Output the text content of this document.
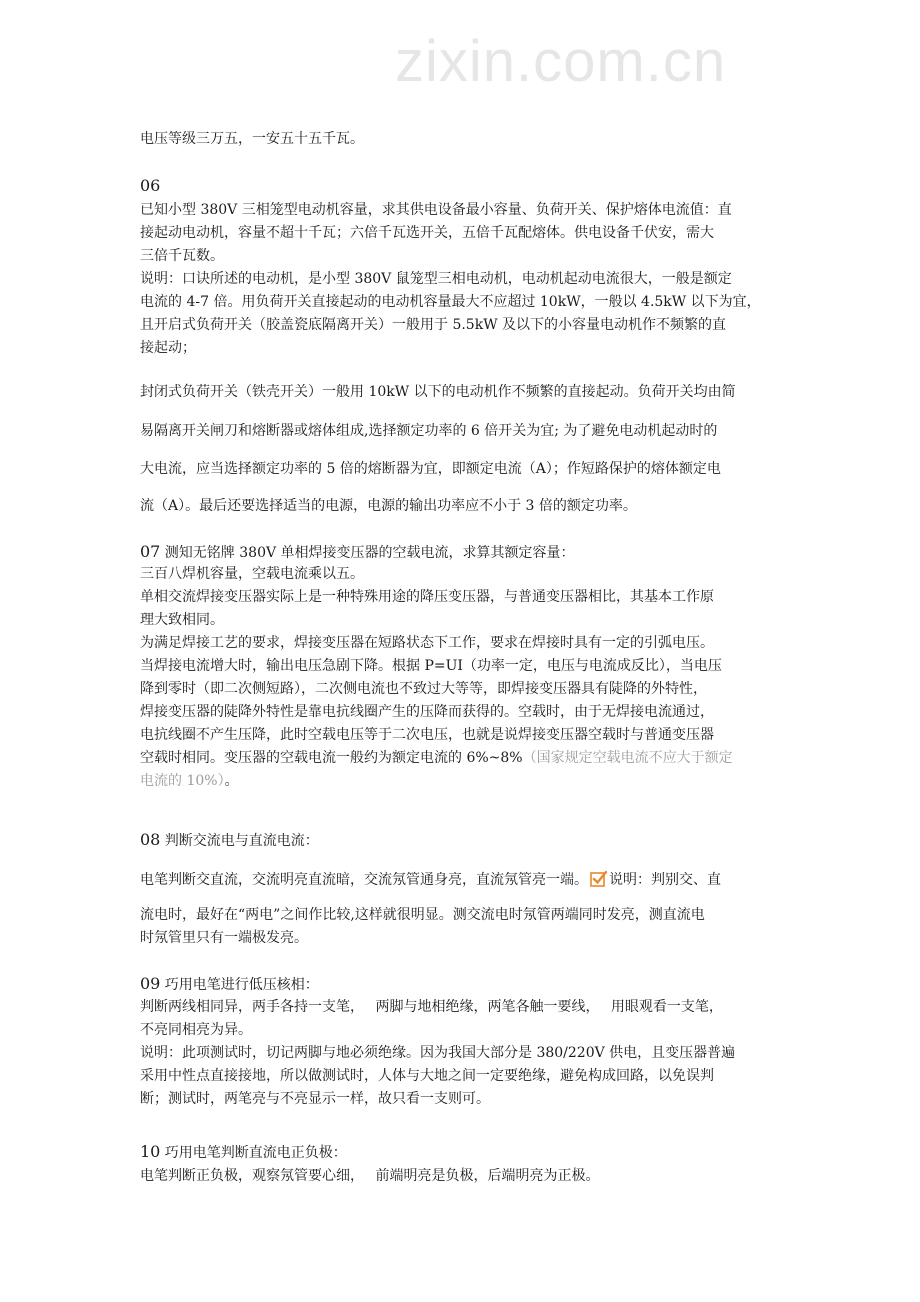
zixin.com.cn
电压等级三万五，一安五十五千瓦。
06

已知小型 380V 三相笼型电动机容量，求其供电设备最小容量、负荷开关、保护熔体电流值：直

接起动电动机，容量不超十千瓦；六倍千瓦选开关，五倍千瓦配熔体。供电设备千伏安，需大

三倍千瓦数。

说明：口诀所述的电动机，是小型 380V 鼠笼型三相电动机，电动机起动电流很大，一般是额定

电流的 4-7 倍。用负荷开关直接起动的电动机容量最大不应超过 10kW，一般以 4.5kW 以下为宜，

且开启式负荷开关（胶盖瓷底隔离开关）一般用于 5.5kW 及以下的小容量电动机作不频繁的直

接起动；

封闭式负荷开关（铁壳开关）一般用 10kW 以下的电动机作不频繁的直接起动。负荷开关均由简
易隔离开关闸刀和熔断器或熔体组成,选择额定功率的 6 倍开关为宜; 为了避免电动机起动时的
大电流，应当选择额定功率的 5 倍的熔断器为宜，即额定电流（A）；作短路保护的熔体额定电
流（A）。最后还要选择适当的电源，电源的输出功率应不小于 3 倍的额定功率。
07 测知无铭牌 380V 单相焊接变压器的空载电流，求算其额定容量：

三百八焊机容量，空载电流乘以五。

单相交流焊接变压器实际上是一种特殊用途的降压变压器，与普通变压器相比，其基本工作原

理大致相同。

为满足焊接工艺的要求，焊接变压器在短路状态下工作，要求在焊接时具有一定的引弧电压。

当焊接电流增大时，输出电压急剧下降。根据 P=UI（功率一定，电压与电流成反比），当电压

降到零时（即二次侧短路），二次侧电流也不致过大等等，即焊接变压器具有陡降的外特性，

焊接变压器的陡降外特性是靠电抗线圈产生的压降而获得的。空载时，由于无焊接电流通过，

电抗线圈不产生压降，此时空载电压等于二次电压，也就是说焊接变压器空载时与普通变压器

空载时相同。变压器的空载电流一般约为额定电流的 6%~8%（国家规定空载电流不应大于额定

电流的 10%）。

08 判断交流电与直流电流：
电笔判断交直流，交流明亮直流暗，交流氖管通身亮，直流氖管亮一端。 说明：判别交、直

流电时，最好在“两电”之间作比较,这样就很明显。测交流电时氖管两端同时发亮，测直流电

时氖管里只有一端极发亮。

09 巧用电笔进行低压核相：

判断两线相同异，两手各持一支笔，　 两脚与地相绝缘，两笔各触一要线，　 用眼观看一支笔，

不亮同相亮为异。

说明：此项测试时，切记两脚与地必须绝缘。因为我国大部分是 380/220V 供电，且变压器普遍

采用中性点直接接地，所以做测试时，人体与大地之间一定要绝缘，避免构成回路，以免误判

断；测试时，两笔亮与不亮显示一样，故只看一支则可。

10 巧用电笔判断直流电正负极：
电笔判断正负极，观察氖管要心细，　 前端明亮是负极，后端明亮为正极。
